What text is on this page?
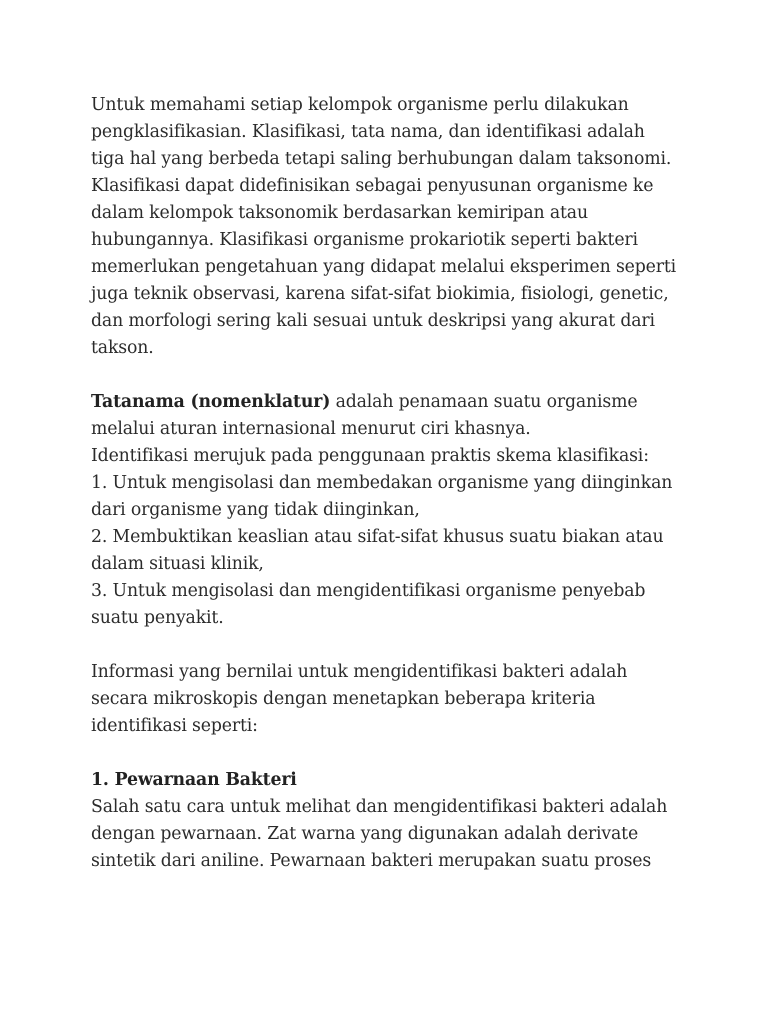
Untuk memahami setiap kelompok organisme perlu dilakukan pengklasifikasian. Klasifikasi, tata nama, dan identifikasi adalah tiga hal yang berbeda tetapi saling berhubungan dalam taksonomi. Klasifikasi dapat didefinisikan sebagai penyusunan organisme ke dalam kelompok taksonomik berdasarkan kemiripan atau hubungannya. Klasifikasi organisme prokariotik seperti bakteri memerlukan pengetahuan yang didapat melalui eksperimen seperti juga teknik observasi, karena sifat-sifat biokimia, fisiologi, genetic, dan morfologi sering kali sesuai untuk deskripsi yang akurat dari takson.

Tatanama (nomenklatur) adalah penamaan suatu organisme melalui aturan internasional menurut ciri khasnya.

Identifikasi merujuk pada penggunaan praktis skema klasifikasi:

1. Untuk mengisolasi dan membedakan organisme yang diinginkan dari organisme yang tidak diinginkan,

2. Membuktikan keaslian atau sifat-sifat khusus suatu biakan atau dalam situasi klinik,

3. Untuk mengisolasi dan mengidentifikasi organisme penyebab suatu penyakit.

Informasi yang bernilai untuk mengidentifikasi bakteri adalah secara mikroskopis dengan menetapkan beberapa kriteria identifikasi seperti:

1. Pewarnaan Bakteri

Salah satu cara untuk melihat dan mengidentifikasi bakteri adalah dengan pewarnaan. Zat warna yang digunakan adalah derivate sintetik dari aniline. Pewarnaan bakteri merupakan suatu proses
